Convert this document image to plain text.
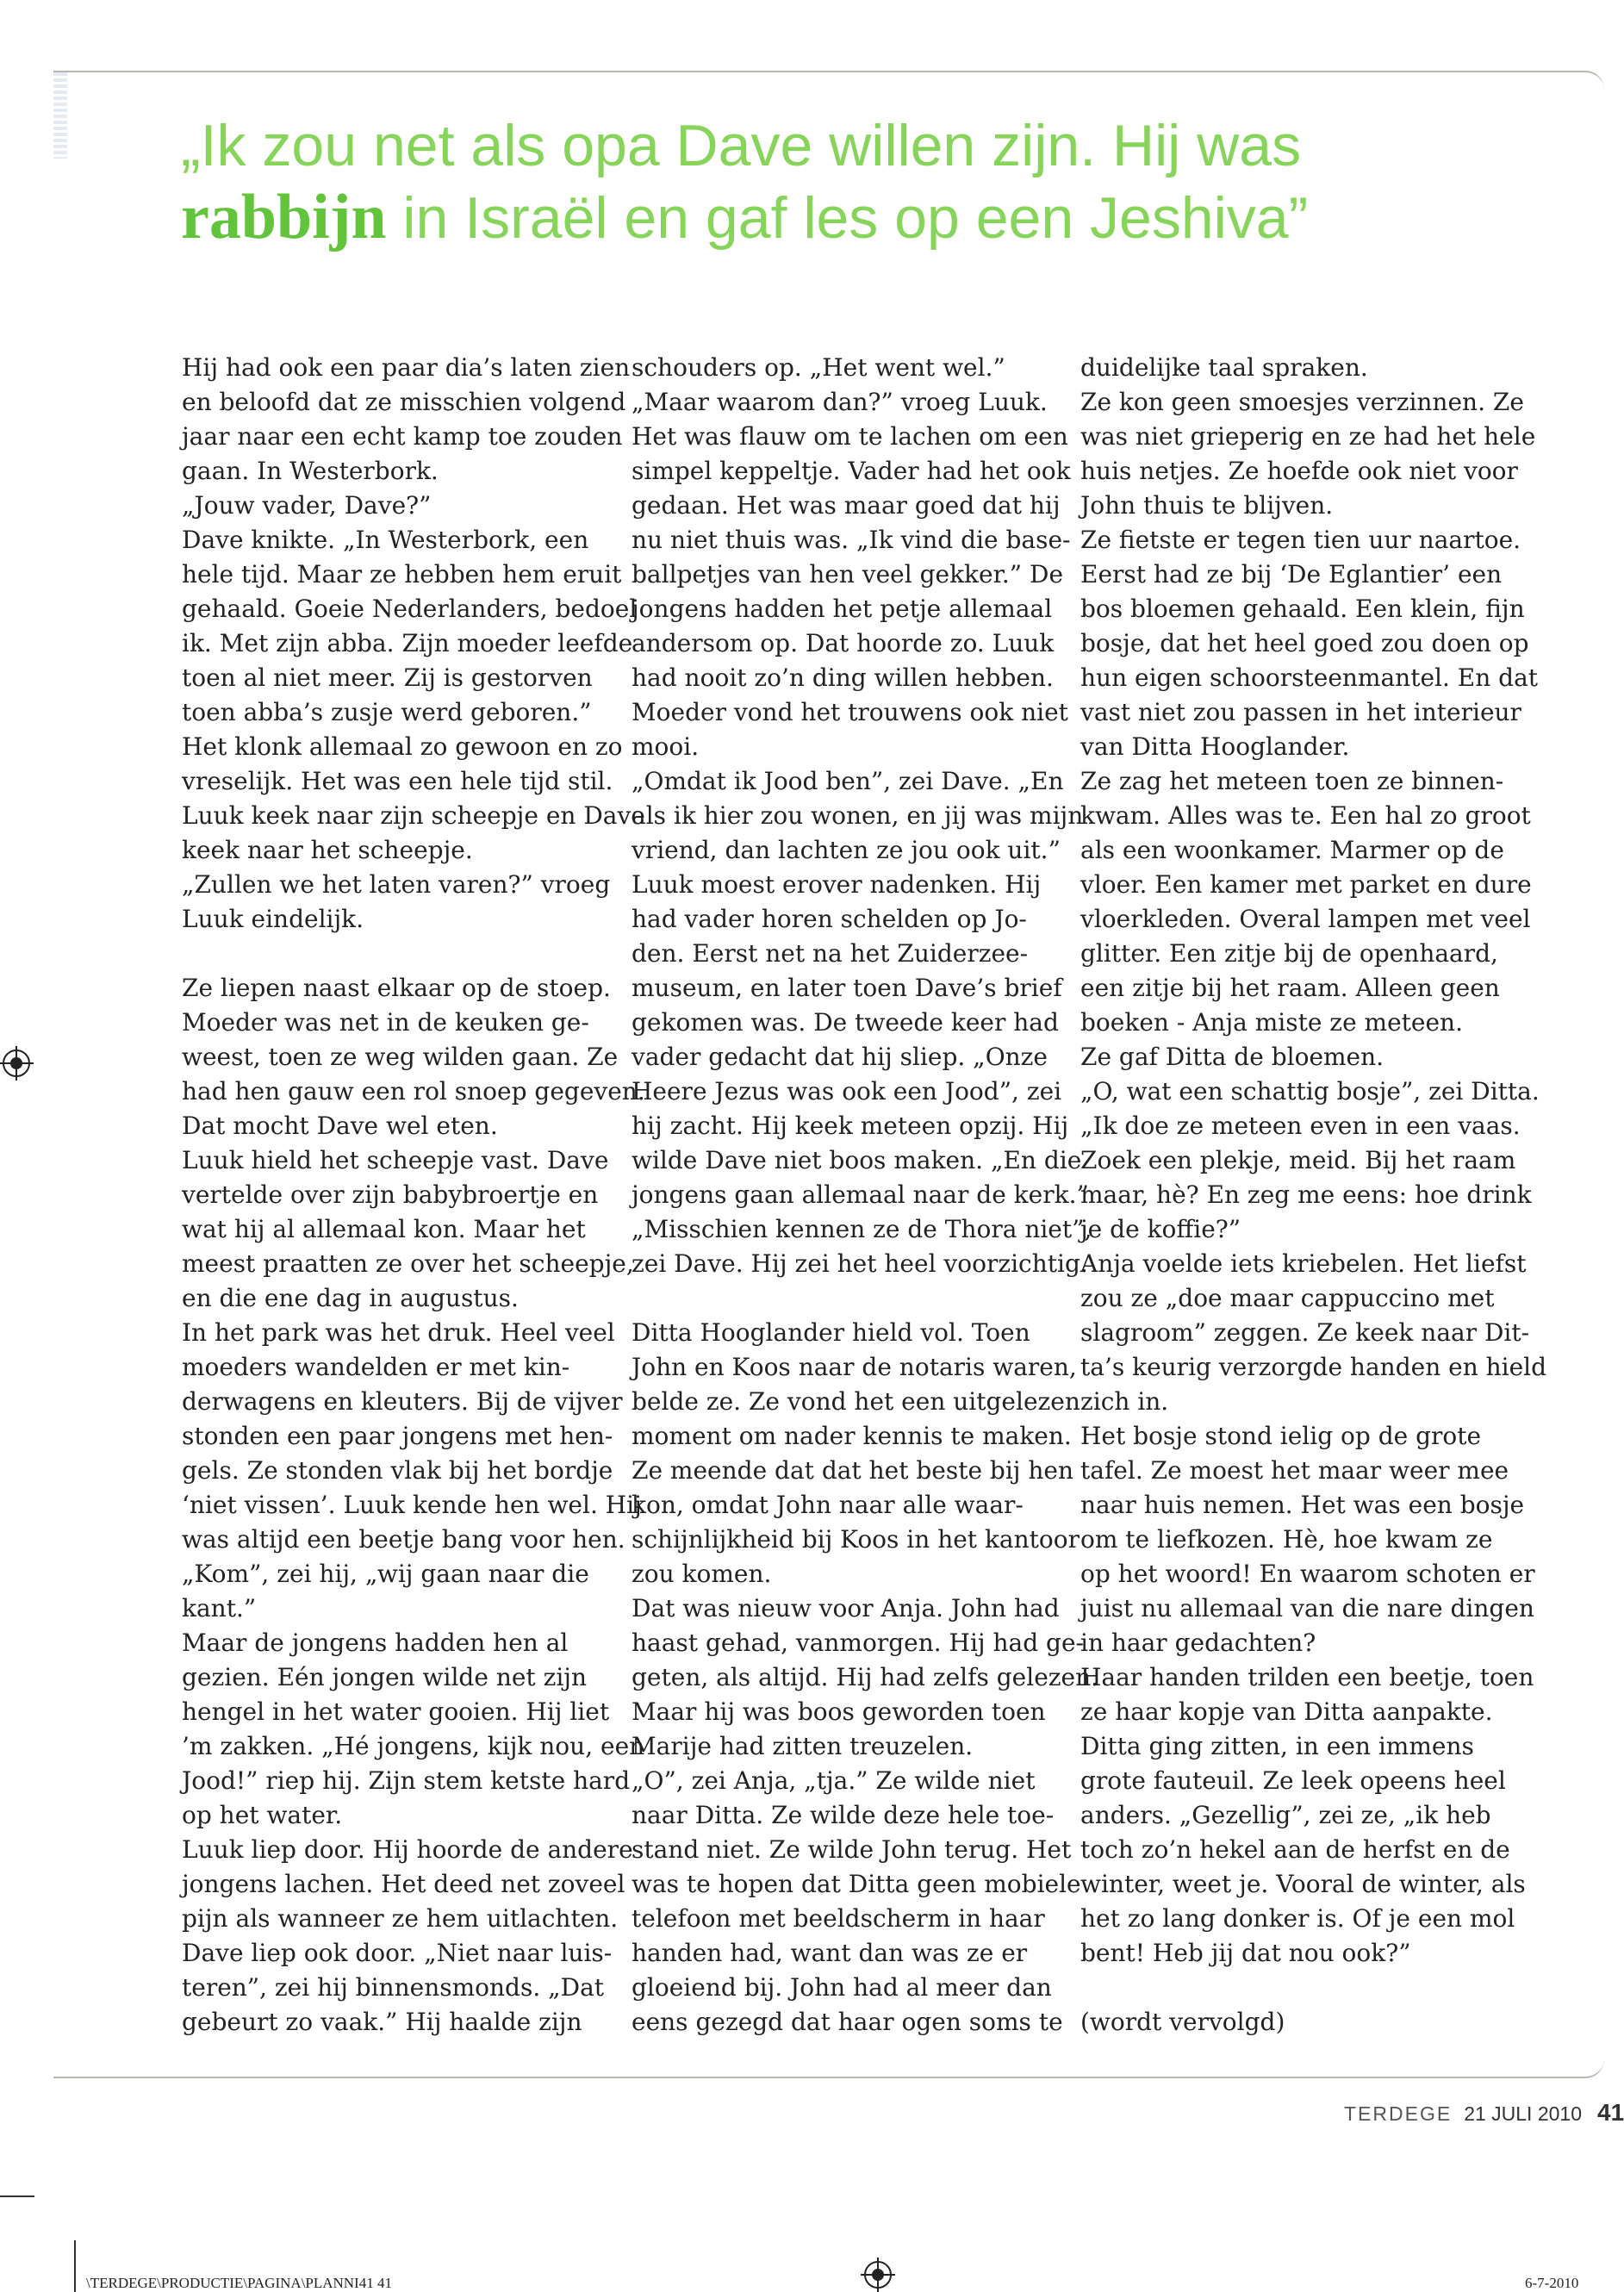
„Ik zou net als opa Dave willen zijn. Hij was
rabbijn in Israël en gaf les op een Jeshiva”

Hij had ook een paar dia’s laten zien

en beloofd dat ze misschien volgend

jaar naar een echt kamp toe zouden

gaan. In Westerbork.

„Jouw vader, Dave?”

Dave knikte. „In Westerbork, een

hele tijd. Maar ze hebben hem eruit

gehaald. Goeie Nederlanders, bedoel

ik. Met zijn abba. Zijn moeder leefde

toen al niet meer. Zij is gestorven

toen abba’s zusje werd geboren.”

Het klonk allemaal zo gewoon en zo

vreselijk. Het was een hele tijd stil.

Luuk keek naar zijn scheepje en Dave

keek naar het scheepje.

„Zullen we het laten varen?” vroeg

Luuk eindelijk.

Ze liepen naast elkaar op de stoep.

Moeder was net in de keuken ge-

weest, toen ze weg wilden gaan. Ze

had hen gauw een rol snoep gegeven.

Dat mocht Dave wel eten.

Luuk hield het scheepje vast. Dave

vertelde over zijn babybroertje en

wat hij al allemaal kon. Maar het

meest praatten ze over het scheepje,

en die ene dag in augustus.

In het park was het druk. Heel veel

moeders wandelden er met kin-

derwagens en kleuters. Bij de vijver

stonden een paar jongens met hen-

gels. Ze stonden vlak bij het bordje

‘niet vissen’. Luuk kende hen wel. Hij

was altijd een beetje bang voor hen.

„Kom”, zei hij, „wij gaan naar die

kant.”

Maar de jongens hadden hen al

gezien. Eén jongen wilde net zijn

hengel in het water gooien. Hij liet

’m zakken. „Hé jongens, kijk nou, een

Jood!” riep hij. Zijn stem ketste hard

op het water.

Luuk liep door. Hij hoorde de andere

jongens lachen. Het deed net zoveel

pijn als wanneer ze hem uitlachten.

Dave liep ook door. „Niet naar luis-

teren”, zei hij binnensmonds. „Dat

gebeurt zo vaak.” Hij haalde zijn

schouders op. „Het went wel.”

„Maar waarom dan?” vroeg Luuk.

Het was flauw om te lachen om een

simpel keppeltje. Vader had het ook

gedaan. Het was maar goed dat hij

nu niet thuis was. „Ik vind die base-

ballpetjes van hen veel gekker.” De

jongens hadden het petje allemaal

andersom op. Dat hoorde zo. Luuk

had nooit zo’n ding willen hebben.

Moeder vond het trouwens ook niet

mooi.

„Omdat ik Jood ben”, zei Dave. „En

als ik hier zou wonen, en jij was mijn

vriend, dan lachten ze jou ook uit.”

Luuk moest erover nadenken. Hij

had vader horen schelden op Jo-

den. Eerst net na het Zuiderzee-

museum, en later toen Dave’s brief

gekomen was. De tweede keer had

vader gedacht dat hij sliep. „Onze

Heere Jezus was ook een Jood”, zei

hij zacht. Hij keek meteen opzij. Hij

wilde Dave niet boos maken. „En die

jongens gaan allemaal naar de kerk.”

„Misschien kennen ze de Thora niet”,

zei Dave. Hij zei het heel voorzichtig.

Ditta Hooglander hield vol. Toen

John en Koos naar de notaris waren,

belde ze. Ze vond het een uitgelezen

moment om nader kennis te maken.

Ze meende dat dat het beste bij hen

kon, omdat John naar alle waar-

schijnlijkheid bij Koos in het kantoor

zou komen.

Dat was nieuw voor Anja. John had

haast gehad, vanmorgen. Hij had ge-

geten, als altijd. Hij had zelfs gelezen.

Maar hij was boos geworden toen

Marije had zitten treuzelen.

„O”, zei Anja, „tja.” Ze wilde niet

naar Ditta. Ze wilde deze hele toe-

stand niet. Ze wilde John terug. Het

was te hopen dat Ditta geen mobiele

telefoon met beeldscherm in haar

handen had, want dan was ze er

gloeiend bij. John had al meer dan

eens gezegd dat haar ogen soms te

duidelijke taal spraken.

Ze kon geen smoesjes verzinnen. Ze

was niet grieperig en ze had het hele

huis netjes. Ze hoefde ook niet voor

John thuis te blijven.

Ze fietste er tegen tien uur naartoe.

Eerst had ze bij ‘De Eglantier’ een

bos bloemen gehaald. Een klein, fijn

bosje, dat het heel goed zou doen op

hun eigen schoorsteenmantel. En dat

vast niet zou passen in het interieur

van Ditta Hooglander.

Ze zag het meteen toen ze binnen-

kwam. Alles was te. Een hal zo groot

als een woonkamer. Marmer op de

vloer. Een kamer met parket en dure

vloerkleden. Overal lampen met veel

glitter. Een zitje bij de openhaard,

een zitje bij het raam. Alleen geen

boeken - Anja miste ze meteen.

Ze gaf Ditta de bloemen.

„O, wat een schattig bosje”, zei Ditta.

„Ik doe ze meteen even in een vaas.

Zoek een plekje, meid. Bij het raam

maar, hè? En zeg me eens: hoe drink

je de koffie?”

Anja voelde iets kriebelen. Het liefst

zou ze „doe maar cappuccino met

slagroom” zeggen. Ze keek naar Dit-

ta’s keurig verzorgde handen en hield

zich in.

Het bosje stond ielig op de grote

tafel. Ze moest het maar weer mee

naar huis nemen. Het was een bosje

om te liefkozen. Hè, hoe kwam ze

op het woord! En waarom schoten er

juist nu allemaal van die nare dingen

in haar gedachten?

Haar handen trilden een beetje, toen

ze haar kopje van Ditta aanpakte.

Ditta ging zitten, in een immens

grote fauteuil. Ze leek opeens heel

anders. „Gezellig”, zei ze, „ik heb

toch zo’n hekel aan de herfst en de

winter, weet je. Vooral de winter, als

het zo lang donker is. Of je een mol

bent! Heb jij dat nou ook?”

(wordt vervolgd)

TERDEGE 21 JULI 2010 41
\TERDEGE\PRODUCTIE\PAGINA\PLANNI41 41	6-7-2010
